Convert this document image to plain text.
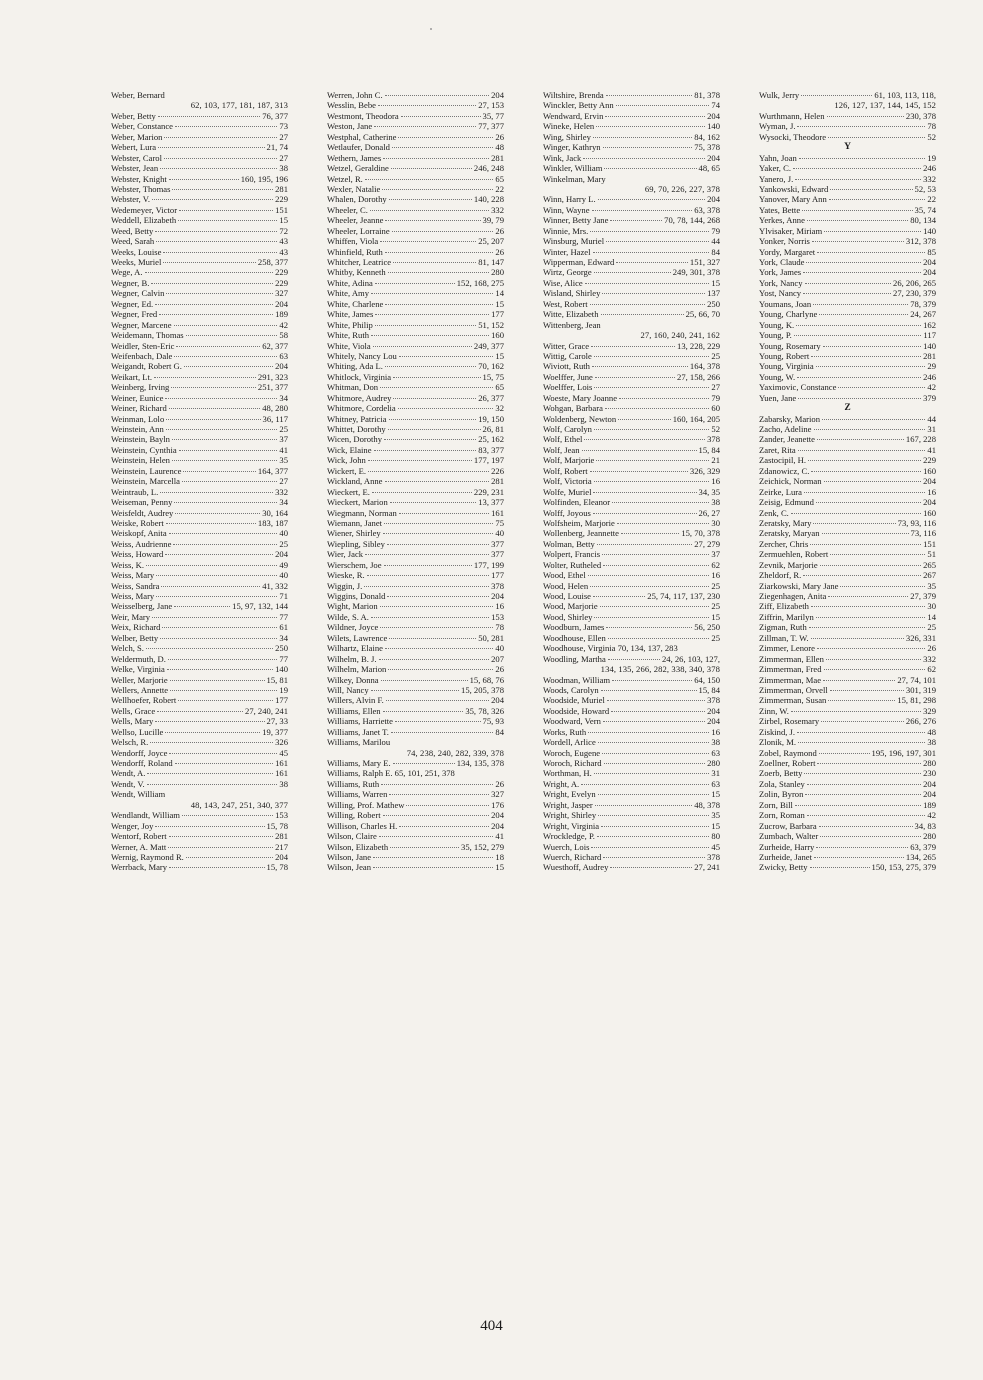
Weber, Bernard
62, 103, 177, 181, 187, 313
Weber, Betty	76, 377
Weber, Constance	73
Weber, Marion	27
Webert, Lura	21, 74
Webster, Carol	27
Webster, Jean	38
Webster, Knight	160, 195, 196
Webster, Thomas	281
Webster, V.	229
Wedemeyer, Victor	151
Weddell, Elizabeth	15
Weed, Betty	72
Weed, Sarah	43
Weeks, Louise	43
Weeks, Muriel	258, 377
Wege, A.	229
Wegner, B.	229
Wegner, Calvin	327
Wegner, Ed.	204
Wegner, Fred	189
Wegner, Marcene	42
Weidemann, Thomas	58
Weidler, Sten-Eric	62, 377
Weifenbach, Dale	63
Weigandt, Robert G.	204
Weikart, Lt.	291, 323
Weinberg, Irving	251, 377
Weiner, Eunice	34
Weiner, Richard	48, 280
Weinman, Lolo	36, 117
Weinstein, Ann	25
Weinstein, Bayln	37
Weinstein, Cynthia	41
Weinstein, Helen	35
Weinstein, Laurence	164, 377
Weinstein, Marcella	27
Weintraub, L.	332
Weiseman, Penny	34
Weisfeldt, Audrey	30, 164
Weiske, Robert	183, 187
Weiskopf, Anita	40
Weiss, Audrienne	25
Weiss, Howard	204
Weiss, K.	49
Weiss, Mary	40
Weiss, Sandra	41, 332
Weiss, Mary	71
Weisselberg, Jane	15, 97, 132, 144
Weir, Mary	77
Weix, Richard	61
Welber, Betty	34
Welch, S.	250
Weldermuth, D.	77
Welke, Virginia	140
Weller, Marjorie	15, 81
Wellers, Annette	19
Wellhoefer, Robert	177
Wells, Grace	27, 240, 241
Wells, Mary	27, 33
Wellso, Lucille	19, 377
Welsch, R.	326
Wendorff, Joyce	45
Wendorff, Roland	161
Wendt, A.	161
Wendt, V.	38
Wendt, William
48, 143, 247, 251, 340, 377
Wendlandt, William	153
Wenger, Joy	15, 78
Wentorf, Robert	281
Werner, A. Matt	217
Wernig, Raymond R.	204
Werrback, Mary	15, 78
Werren, John C.	204
Wesslin, Bebe	27, 153
Westmont, Theodora	35, 77
Weston, Jane	77, 377
Westphal, Catherine	26
Wetlaufer, Donald	48
Wethern, James	281
Wetzel, Geraldine	246, 248
Wetzel, R.	65
Wexler, Natalie	22
Whalen, Dorothy	140, 228
Wheeler, C.	332
Wheeler, Jeanne	39, 79
Wheeler, Lorraine	26
Whiffen, Viola	25, 207
Whinfield, Ruth	26
Whitcher, Leatrice	81, 147
Whitby, Kenneth	280
White, Adina	152, 168, 275
White, Amy	14
White, Charlene	15
White, James	177
White, Philip	51, 152
White, Ruth	160
White, Viola	249, 377
Whitely, Nancy Lou	15
Whiting, Ada L.	70, 162
Whitlock, Virginia	15, 75
Whitman, Don	65
Whitmore, Audrey	26, 377
Whitmore, Cordelia	32
Whitney, Patricia	19, 150
Whittet, Dorothy	26, 81
Wicen, Dorothy	25, 162
Wick, Elaine	83, 377
Wick, John	177, 197
Wickert, E.	226
Wickland, Anne	281
Wieckert, E.	229, 231
Wieckert, Marion	13, 377
Wiegmann, Norman	161
Wiemann, Janet	75
Wiener, Shirley	40
Wiepling, Sibley	377
Wier, Jack	377
Wierschem, Joe	177, 199
Wieske, R.	177
Wiggin, J.	378
Wiggins, Donald	204
Wight, Marion	16
Wilde, S. A.	153
Wildner, Joyce	78
Wilets, Lawrence	50, 281
Wilhartz, Elaine	40
Wilhelm, B. J.	207
Wilhelm, Marion	26
Wilkey, Donna	15, 68, 76
Will, Nancy	15, 205, 378
Willers, Alvin F.	204
Williams, Ellen	35, 78, 326
Williams, Harriette	75, 93
Williams, Janet T.	84
Williams, Marilou
74, 238, 240, 282, 339, 378
Williams, Mary E.	134, 135, 378
Williams, Ralph E. 65, 101, 251, 378
Williams, Ruth	26
Williams, Warren	327
Willing, Prof. Mathew	176
Willing, Robert	204
Willison, Charles H.	204
Wilson, Claire	41
Wilson, Elizabeth	35, 152, 279
Wilson, Jane	18
Wilson, Jean	15
Wiltshire, Brenda	81, 378
Winckler, Betty Ann	74
Wendward, Ervin	204
Wineke, Helen	140
Wing, Shirley	84, 162
Winger, Kathryn	75, 378
Wink, Jack	204
Winkler, William	48, 65
Winkelman, Mary
69, 70, 226, 227, 378
Winn, Harry L.	204
Winn, Wayne	63, 378
Winner, Betty Jane	70, 78, 144, 268
Winnie, Mrs.	79
Winsburg, Muriel	44
Winter, Hazel	84
Wipperman, Edward	151, 327
Wirtz, George	249, 301, 378
Wise, Alice	15
Wisland, Shirley	137
West, Robert	250
Witte, Elizabeth	25, 66, 70
Wittenberg, Jean
27, 160, 240, 241, 162
Witter, Grace	13, 228, 229
Wittig, Carole	25
Wiviott, Ruth	164, 378
Woelffer, June	27, 158, 266
Woelffer, Lois	27
Woeste, Mary Joanne	79
Wohgan, Barbara	60
Woldenberg, Newton	160, 164, 205
Wolf, Carolyn	52
Wolf, Ethel	378
Wolf, Jean	15, 84
Wolf, Marjorie	21
Wolf, Robert	326, 329
Wolf, Victoria	16
Wolfe, Muriel	34, 35
Wolfinden, Eleanor	38
Wolff, Joyous	26, 27
Wolfsheim, Marjorie	30
Wollenberg, Jeannette	15, 70, 378
Wolman, Betty	27, 279
Wolpert, Francis	37
Wolter, Rutheled	62
Wood, Ethel	16
Wood, Helen	25
Wood, Louise	25, 74, 117, 137, 230
Wood, Marjorie	25
Wood, Shirley	15
Woodburn, James	56, 250
Woodhouse, Ellen	25
Woodhouse, Virginia 70, 134, 137, 283
Woodling, Martha	24, 26, 103, 127,
134, 135, 266, 282, 338, 340, 378
Woodman, William	64, 150
Woods, Carolyn	15, 84
Woodside, Muriel	378
Woodside, Howard	204
Woodward, Vern	204
Works, Ruth	16
Wordell, Arlice	38
Woroch, Eugene	63
Woroch, Richard	280
Worthman, H.	31
Wright, A.	63
Wright, Evelyn	15
Wright, Jasper	48, 378
Wright, Shirley	35
Wright, Virginia	15
Wrockledge, P.	80
Wuerch, Lois	45
Wuerch, Richard	378
Wuesthoff, Audrey	27, 241
Wulk, Jerry	61, 103, 113, 118,
126, 127, 137, 144, 145, 152
Wurthmann, Helen	230, 378
Wyman, J.	78
Wysocki, Theodore	52
Y
Yahn, Joan	19
Yaker, C.	246
Yanero, J.	332
Yankowski, Edward	52, 53
Yanover, Mary Ann	22
Yates, Bette	35, 74
Yerkes, Anne	80, 134
Ylvisaker, Miriam	140
Yonker, Norris	312, 378
Yordy, Margaret	85
York, Claude	204
York, James	204
York, Nancy	26, 206, 265
Yost, Nancy	27, 230, 379
Youmans, Joan	78, 379
Young, Charlyne	24, 267
Young, K.	162
Young, P.	117
Young, Rosemary	140
Young, Robert	281
Young, Virginia	29
Young, W.	246
Yaximovic, Constance	42
Yuen, Jane	379
Z
Zabarsky, Marion	44
Zacho, Adeline	31
Zander, Jeanette	167, 228
Zaret, Rita	41
Zastocipil, H.	229
Zdanowicz, C.	160
Zeichick, Norman	204
Zeirke, Lura	16
Zeisig, Edmund	204
Zenk, C.	160
Zeratsky, Mary	73, 93, 116
Zeratsky, Maryan	73, 116
Zercher, Chris	151
Zermuehlen, Robert	51
Zevnik, Marjorie	265
Zheldorf, R.	267
Ziarkowski, Mary Jane	35
Ziegenhagen, Anita	27, 379
Ziff, Elizabeth	30
Ziffrin, Marilyn	14
Zigman, Ruth	25
Zillman, T. W.	326, 331
Zimmer, Lenore	26
Zimmerman, Ellen	332
Zimmerman, Fred	62
Zimmerman, Mae	27, 74, 101
Zimmerman, Orvell	301, 319
Zimmerman, Susan	15, 81, 298
Zinn, W.	329
Zirbel, Rosemary	266, 276
Ziskind, J.	48
Zlonik, M.	38
Zobel, Raymond	195, 196, 197, 301
Zoellner, Robert	280
Zoerb, Betty	230
Zola, Stanley	204
Zolin, Byron	204
Zorn, Bill	189
Zorn, Roman	42
Zucrow, Barbara	34, 83
Zumbach, Walter	280
Zurheide, Harry	63, 379
Zurheide, Janet	134, 265
Zwicky, Betty	150, 153, 275, 379
404
